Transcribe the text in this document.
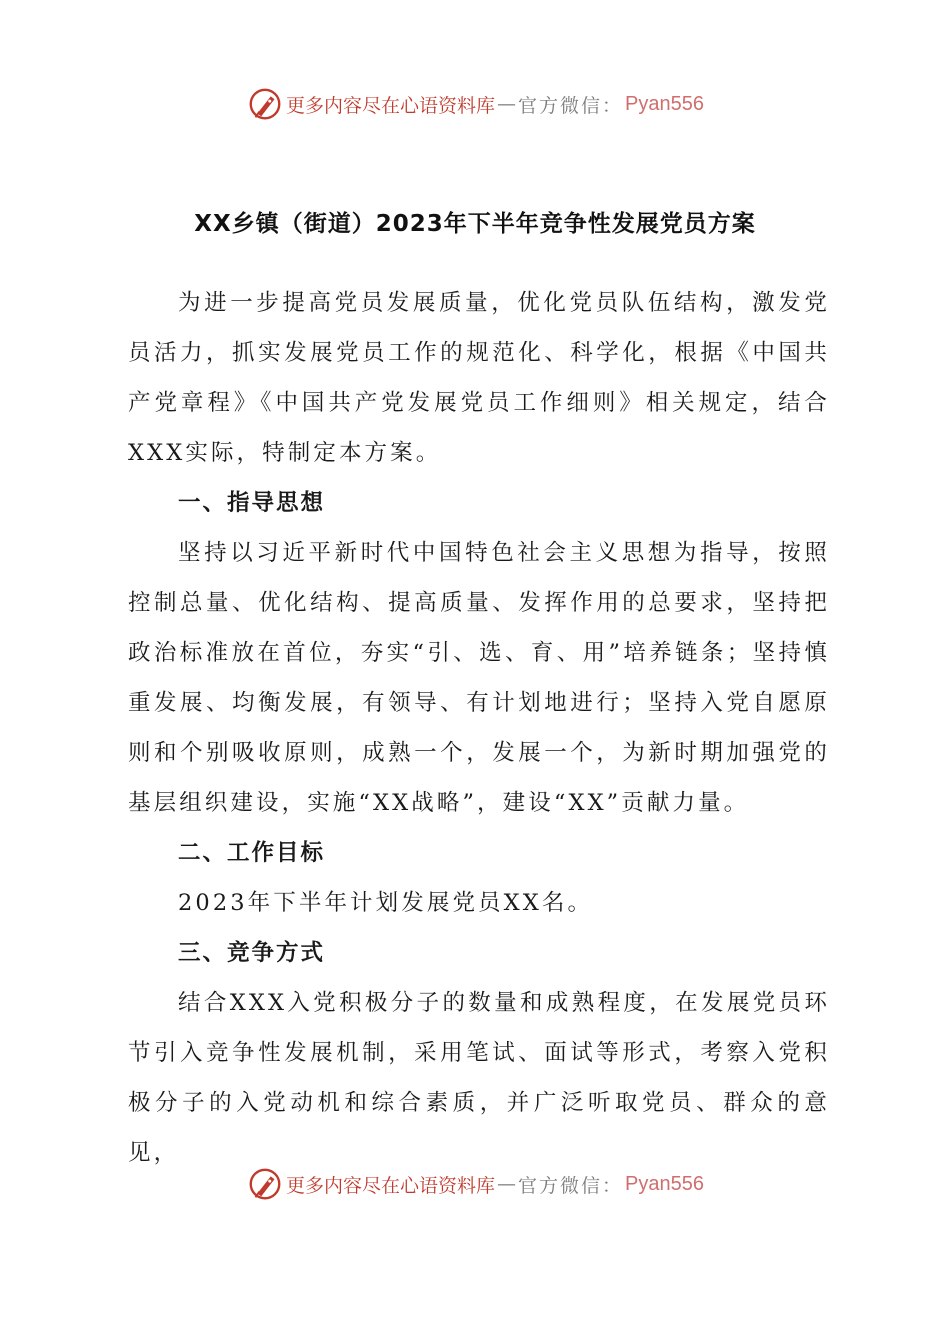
更多内容尽在心语资料库 — 官方微信： Pyan556
XX乡镇（街道）2023年下半年竞争性发展党员方案

为进一步提高党员发展质量，优化党员队伍结构，激发党员活力，抓实发展党员工作的规范化、科学化，根据《中国共产党章程》《中国共产党发展党员工作细则》相关规定，结合XXX实际，特制定本方案。

一、指导思想

坚持以习近平新时代中国特色社会主义思想为指导，按照控制总量、优化结构、提高质量、发挥作用的总要求，坚持把政治标准放在首位，夯实“引、选、育、用”培养链条；坚持慎重发展、均衡发展，有领导、有计划地进行；坚持入党自愿原则和个别吸收原则，成熟一个，发展一个，为新时期加强党的基层组织建设，实施“XX战略”，建设“XX”贡献力量。

二、工作目标

2023年下半年计划发展党员XX名。

三、竞争方式

结合XXX入党积极分子的数量和成熟程度，在发展党员环节引入竞争性发展机制，采用笔试、面试等形式，考察入党积极分子的入党动机和综合素质，并广泛听取党员、群众的意见，

更多内容尽在心语资料库 — 官方微信： Pyan556
